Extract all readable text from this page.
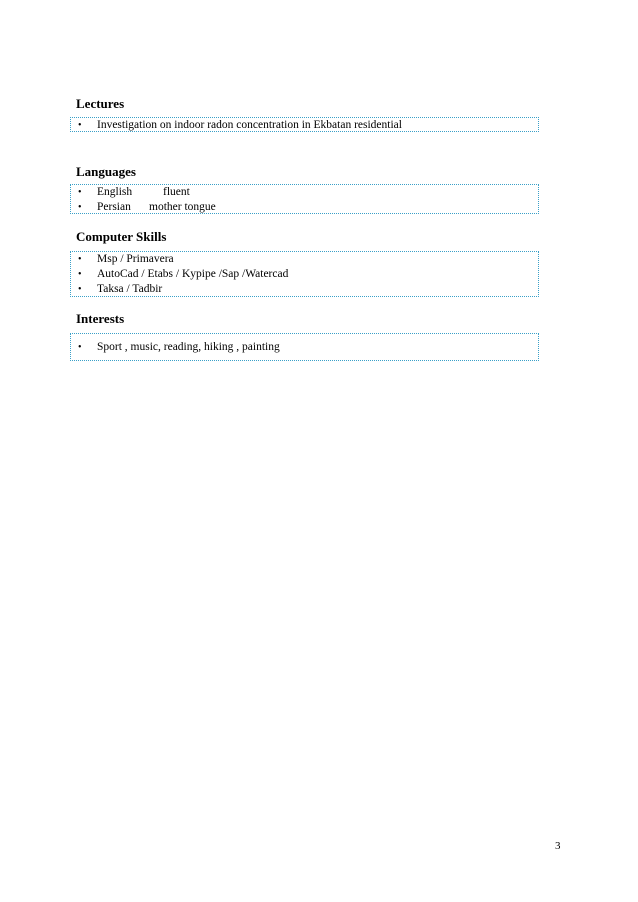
Lectures
• Investigation on indoor radon concentration in Ekbatan residential
Languages
• English	fluent
• Persian mother tongue
Computer Skills
• Msp / Primavera
• AutoCad / Etabs / Kypipe /Sap /Watercad
• Taksa / Tadbir
Interests
• Sport , music, reading, hiking , painting
3
